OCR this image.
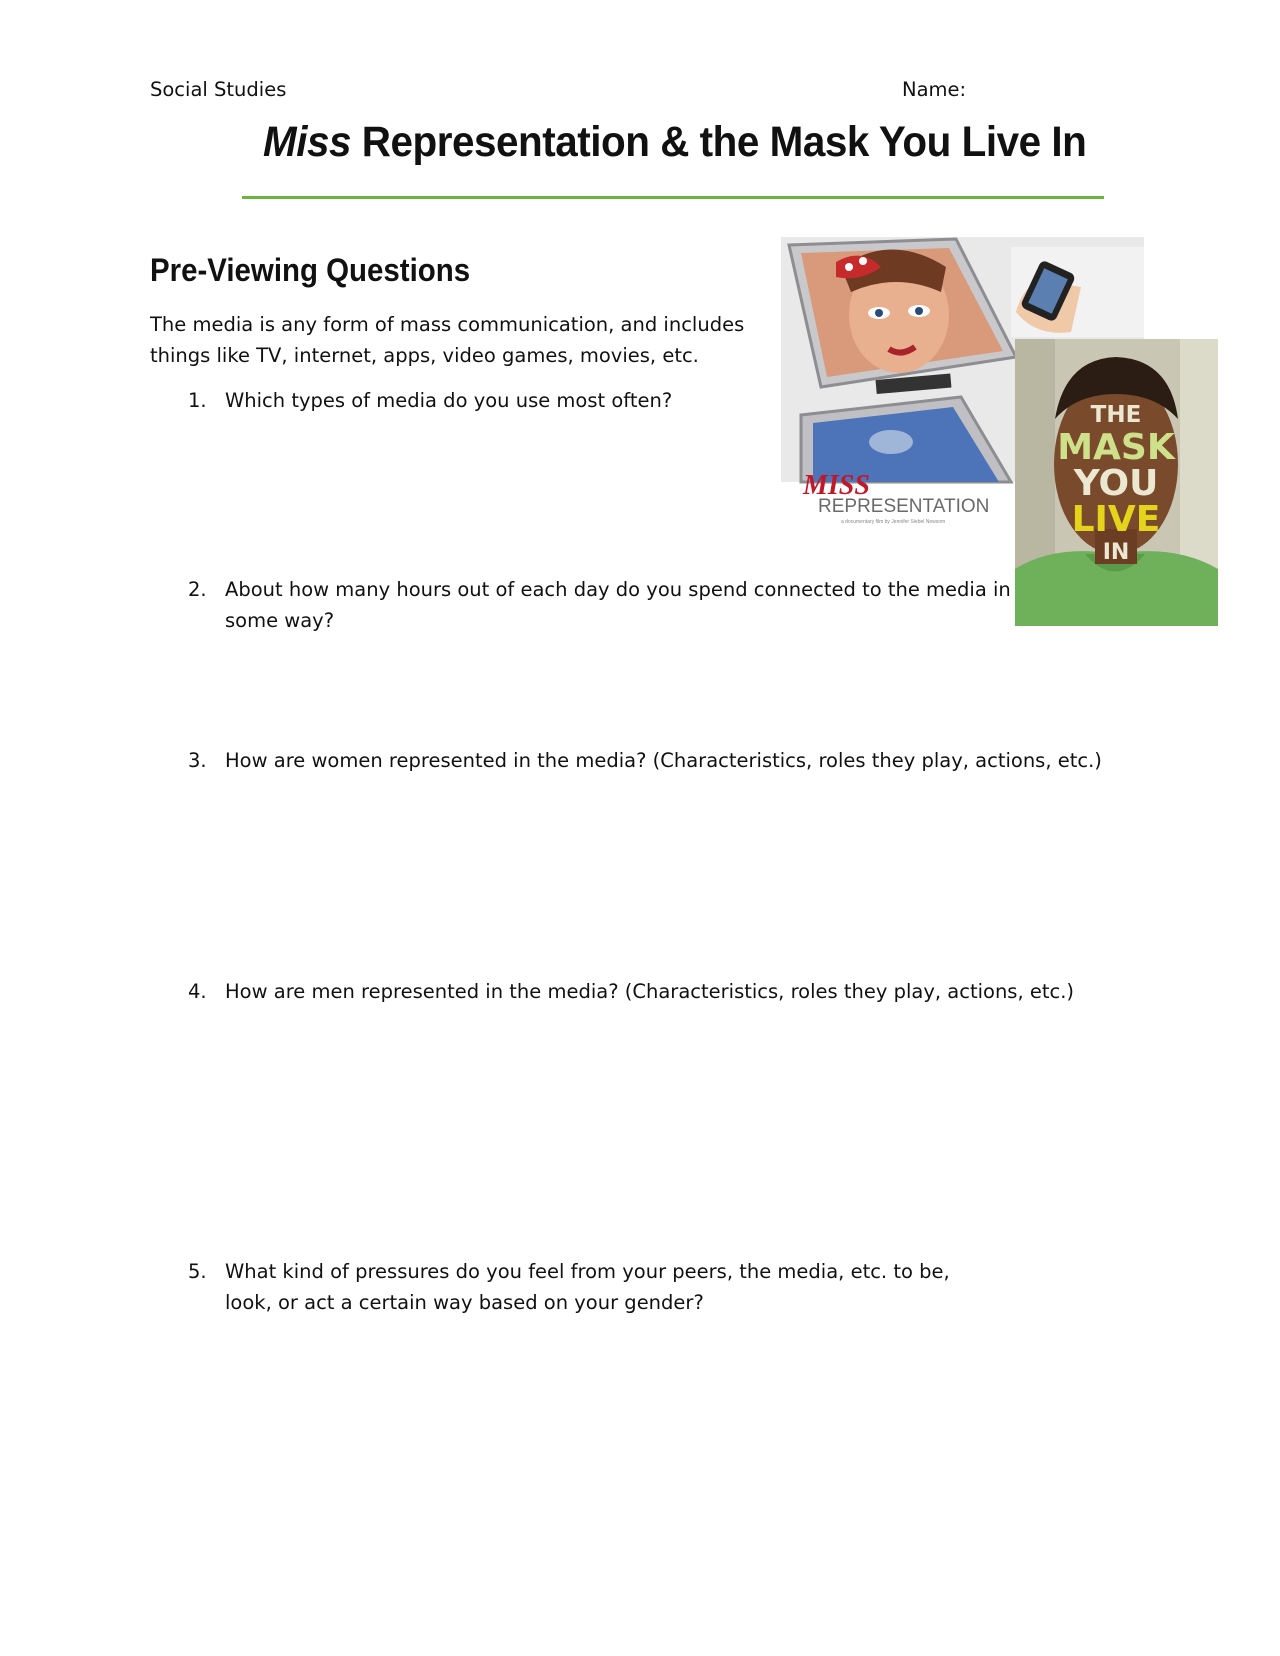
Social Studies	Name:
Miss Representation & the Mask You Live In
Pre-Viewing Questions
The media is any form of mass communication, and includes
things like TV, internet, apps, video games, movies, etc.
1. Which types of media do you use most often?
2. About how many hours out of each day do you spend connected to the media in
some way?
3. How are women represented in the media? (Characteristics, roles they play, actions, etc.)
4. How are men represented in the media? (Characteristics, roles they play, actions, etc.)
5. What kind of pressures do you feel from your peers, the media, etc. to be,
look, or act a certain way based on your gender?
MISS
REPRESENTATION
a documentary film by Jennifer Siebel Newsom
THE
MASK
YOU
LIVE
IN
